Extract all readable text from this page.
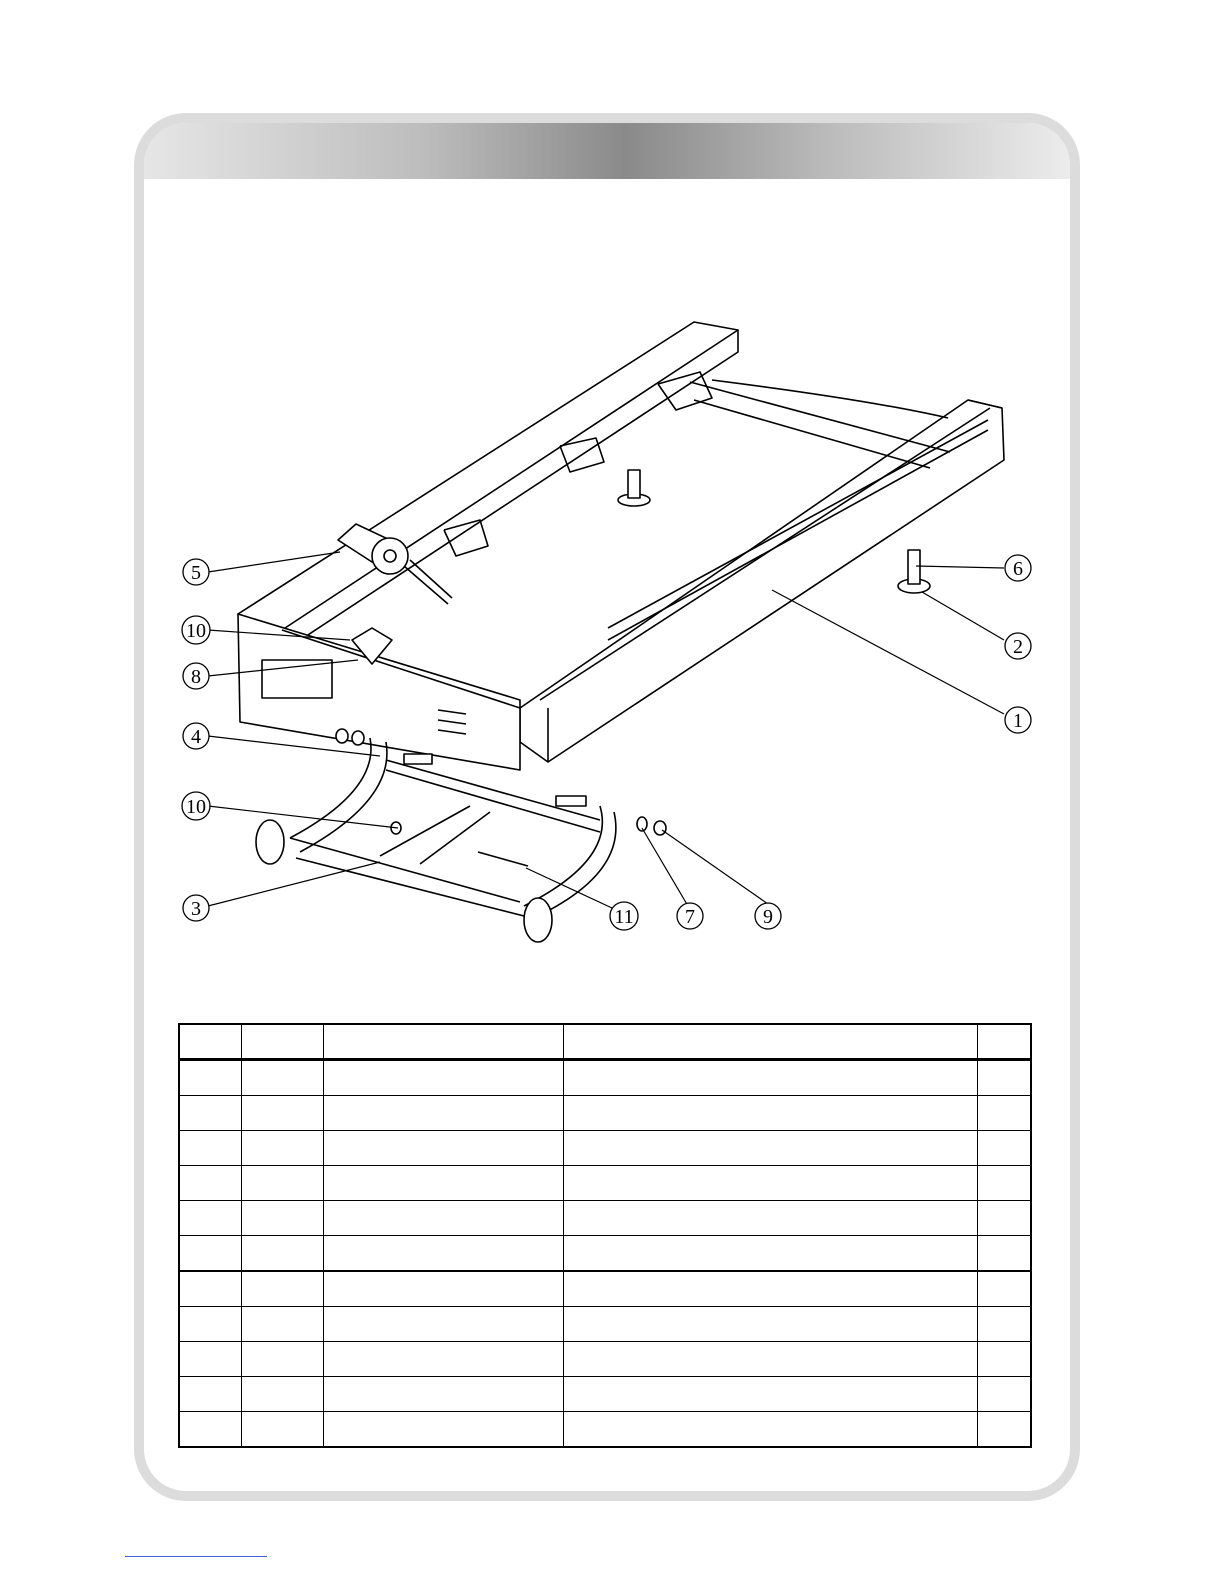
5
10
8
4
10
3
6
2
1
11	7	9
